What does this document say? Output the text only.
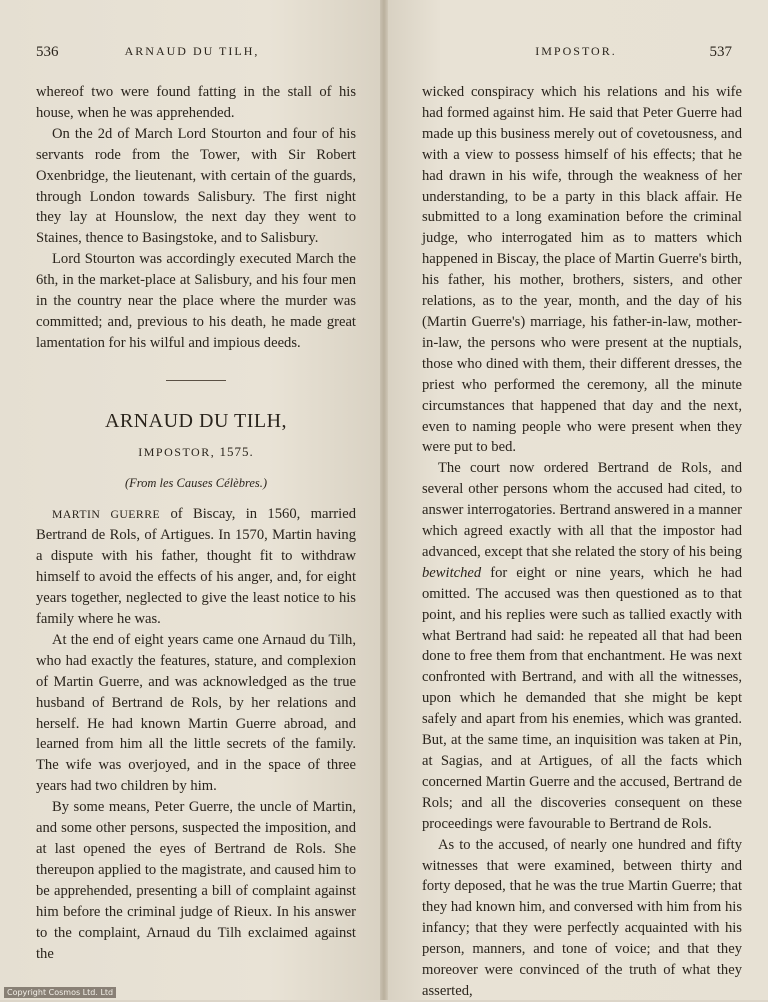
536	ARNAUD DU TILH,

whereof two were found fatting in the stall of his house, when he was apprehended.

On the 2d of March Lord Stourton and four of his servants rode from the Tower, with Sir Robert Oxenbridge, the lieutenant, with certain of the guards, through London towards Salisbury. The first night they lay at Hounslow, the next day they went to Staines, thence to Basingstoke, and to Salisbury.

Lord Stourton was accordingly executed March the 6th, in the market-place at Salisbury, and his four men in the country near the place where the murder was committed; and, previous to his death, he made great lamentation for his wilful and impious deeds.

ARNAUD DU TILH,
IMPOSTOR, 1575.
(From les Causes Célèbres.)

MARTIN GUERRE of Biscay, in 1560, married Bertrand de Rols, of Artigues. In 1570, Martin having a dispute with his father, thought fit to withdraw himself to avoid the effects of his anger, and, for eight years together, neglected to give the least notice to his family where he was.

At the end of eight years came one Arnaud du Tilh, who had exactly the features, stature, and complexion of Martin Guerre, and was acknowledged as the true husband of Bertrand de Rols, by her relations and herself. He had known Martin Guerre abroad, and learned from him all the little secrets of the family. The wife was overjoyed, and in the space of three years had two children by him.

By some means, Peter Guerre, the uncle of Martin, and some other persons, suspected the imposition, and at last opened the eyes of Bertrand de Rols. She thereupon applied to the magistrate, and caused him to be apprehended, presenting a bill of complaint against him before the criminal judge of Rieux. In his answer to the complaint, Arnaud du Tilh exclaimed against the

IMPOSTOR.	537

wicked conspiracy which his relations and his wife had formed against him. He said that Peter Guerre had made up this business merely out of covetousness, and with a view to possess himself of his effects; that he had drawn in his wife, through the weakness of her understanding, to be a party in this black affair. He submitted to a long examination before the criminal judge, who interrogated him as to matters which happened in Biscay, the place of Martin Guerre's birth, his father, his mother, brothers, sisters, and other relations, as to the year, month, and the day of his (Martin Guerre's) marriage, his father-in-law, mother-in-law, the persons who were present at the nuptials, those who dined with them, their different dresses, the priest who performed the ceremony, all the minute circumstances that happened that day and the next, even to naming people who were present when they were put to bed.

The court now ordered Bertrand de Rols, and several other persons whom the accused had cited, to answer interrogatories. Bertrand answered in a manner which agreed exactly with all that the impostor had advanced, except that she related the story of his being bewitched for eight or nine years, which he had omitted. The accused was then questioned as to that point, and his replies were such as tallied exactly with what Bertrand had said: he repeated all that had been done to free them from that enchantment. He was next confronted with Bertrand, and with all the witnesses, upon which he demanded that she might be kept safely and apart from his enemies, which was granted. But, at the same time, an inquisition was taken at Pin, at Sagias, and at Artigues, of all the facts which concerned Martin Guerre and the accused, Bertrand de Rols; and all the discoveries consequent on these proceedings were favourable to Bertrand de Rols.

As to the accused, of nearly one hundred and fifty witnesses that were examined, between thirty and forty deposed, that he was the true Martin Guerre; that they had known him, and conversed with him from his infancy; that they were perfectly acquainted with his person, manners, and tone of voice; and that they moreover were convinced of the truth of what they asserted,

Copyright Cosmos Ltd. Ltd
